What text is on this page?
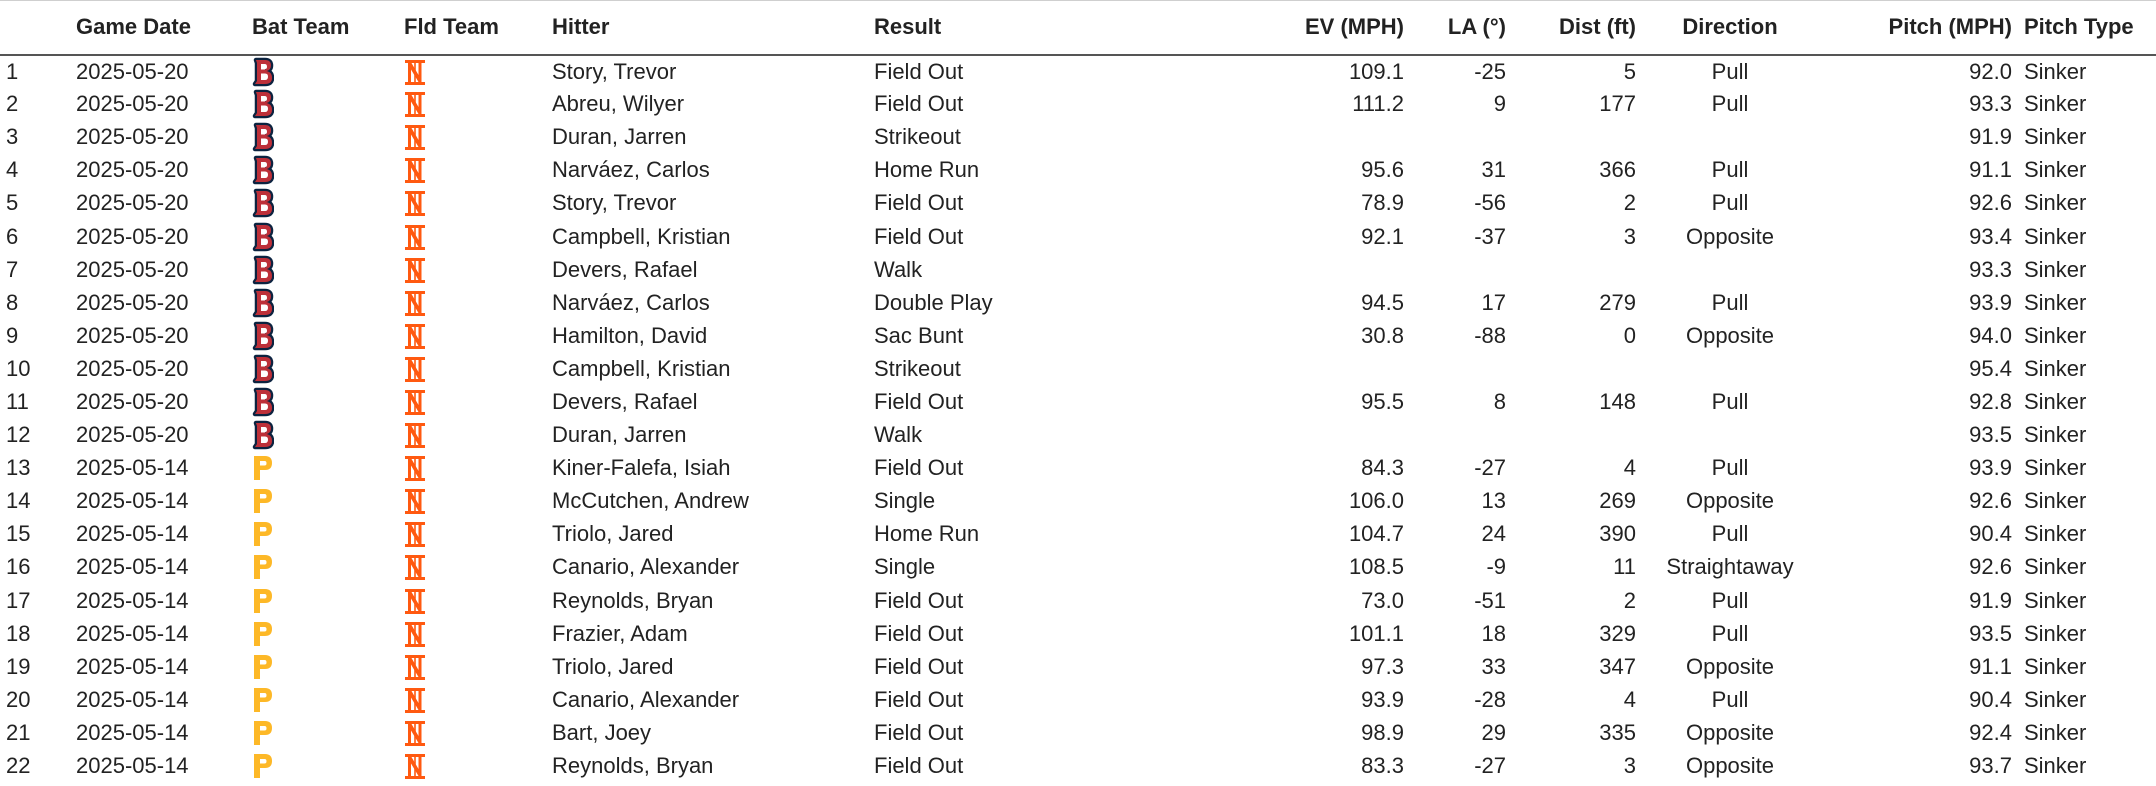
	Game Date	Bat Team	Fld Team	Hitter	Result	EV (MPH)	LA (°)	Dist (ft)	Direction	Pitch (MPH)	Pitch Type
1	2025-05-20			Story, Trevor	Field Out	109.1	-25	5	Pull	92.0	Sinker
2	2025-05-20			Abreu, Wilyer	Field Out	111.2	9	177	Pull	93.3	Sinker
3	2025-05-20			Duran, Jarren	Strikeout					91.9	Sinker
4	2025-05-20			Narváez, Carlos	Home Run	95.6	31	366	Pull	91.1	Sinker
5	2025-05-20			Story, Trevor	Field Out	78.9	-56	2	Pull	92.6	Sinker
6	2025-05-20			Campbell, Kristian	Field Out	92.1	-37	3	Opposite	93.4	Sinker
7	2025-05-20			Devers, Rafael	Walk					93.3	Sinker
8	2025-05-20			Narváez, Carlos	Double Play	94.5	17	279	Pull	93.9	Sinker
9	2025-05-20			Hamilton, David	Sac Bunt	30.8	-88	0	Opposite	94.0	Sinker
10	2025-05-20			Campbell, Kristian	Strikeout					95.4	Sinker
11	2025-05-20			Devers, Rafael	Field Out	95.5	8	148	Pull	92.8	Sinker
12	2025-05-20			Duran, Jarren	Walk					93.5	Sinker
13	2025-05-14			Kiner-Falefa, Isiah	Field Out	84.3	-27	4	Pull	93.9	Sinker
14	2025-05-14			McCutchen, Andrew	Single	106.0	13	269	Opposite	92.6	Sinker
15	2025-05-14			Triolo, Jared	Home Run	104.7	24	390	Pull	90.4	Sinker
16	2025-05-14			Canario, Alexander	Single	108.5	-9	11	Straightaway	92.6	Sinker
17	2025-05-14			Reynolds, Bryan	Field Out	73.0	-51	2	Pull	91.9	Sinker
18	2025-05-14			Frazier, Adam	Field Out	101.1	18	329	Pull	93.5	Sinker
19	2025-05-14			Triolo, Jared	Field Out	97.3	33	347	Opposite	91.1	Sinker
20	2025-05-14			Canario, Alexander	Field Out	93.9	-28	4	Pull	90.4	Sinker
21	2025-05-14			Bart, Joey	Field Out	98.9	29	335	Opposite	92.4	Sinker
22	2025-05-14			Reynolds, Bryan	Field Out	83.3	-27	3	Opposite	93.7	Sinker
